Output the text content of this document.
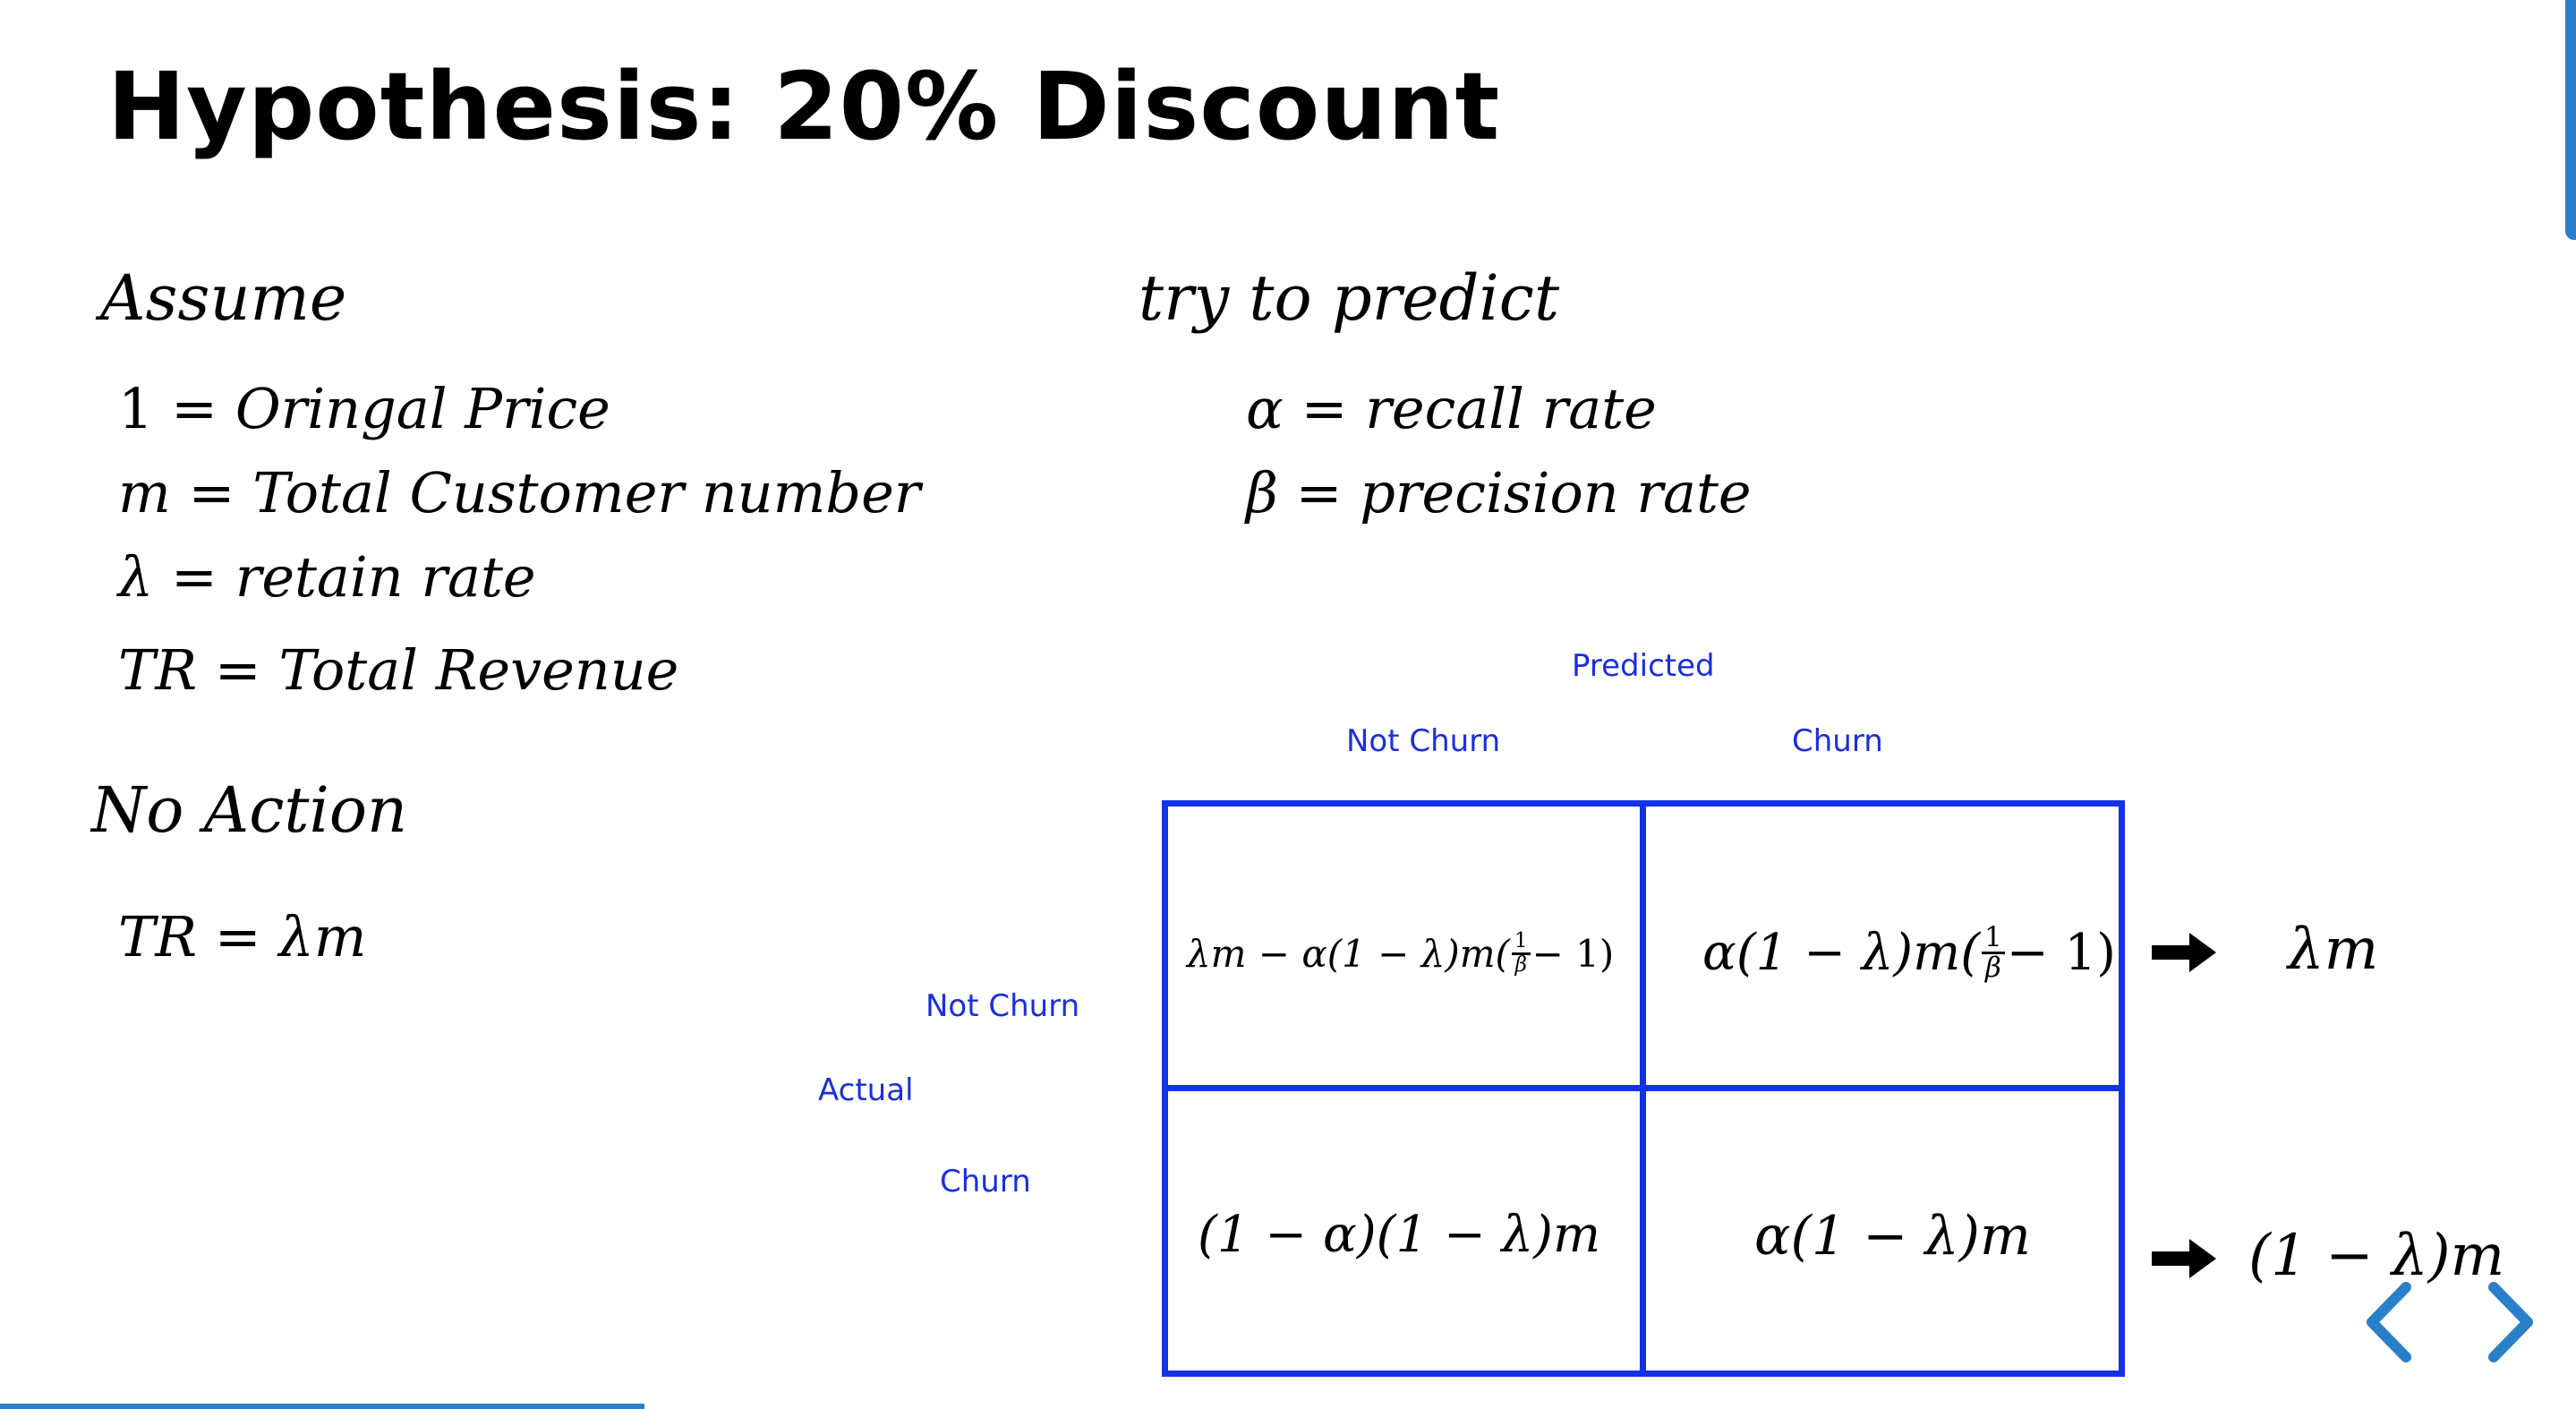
Hypothesis: 20% Discount
Assume
1 = Oringal Price
m = Total Customer number
λ = retain rate
TR = Total Revenue
try to predict
α = recall rate
β = precision rate
No Action
TR = λm
Predicted
Not Churn	Churn
Not Churn
Actual
Churn
$\lambda m - \alpha(1 - \lambda)m( \frac{1}{\beta} - 1)$ $\alpha(1 - \lambda)m( \frac{1}{\beta} - 1)$
(1 − α)(1 − λ)m	α(1 − λ)m
λm
(1 − λ)m
